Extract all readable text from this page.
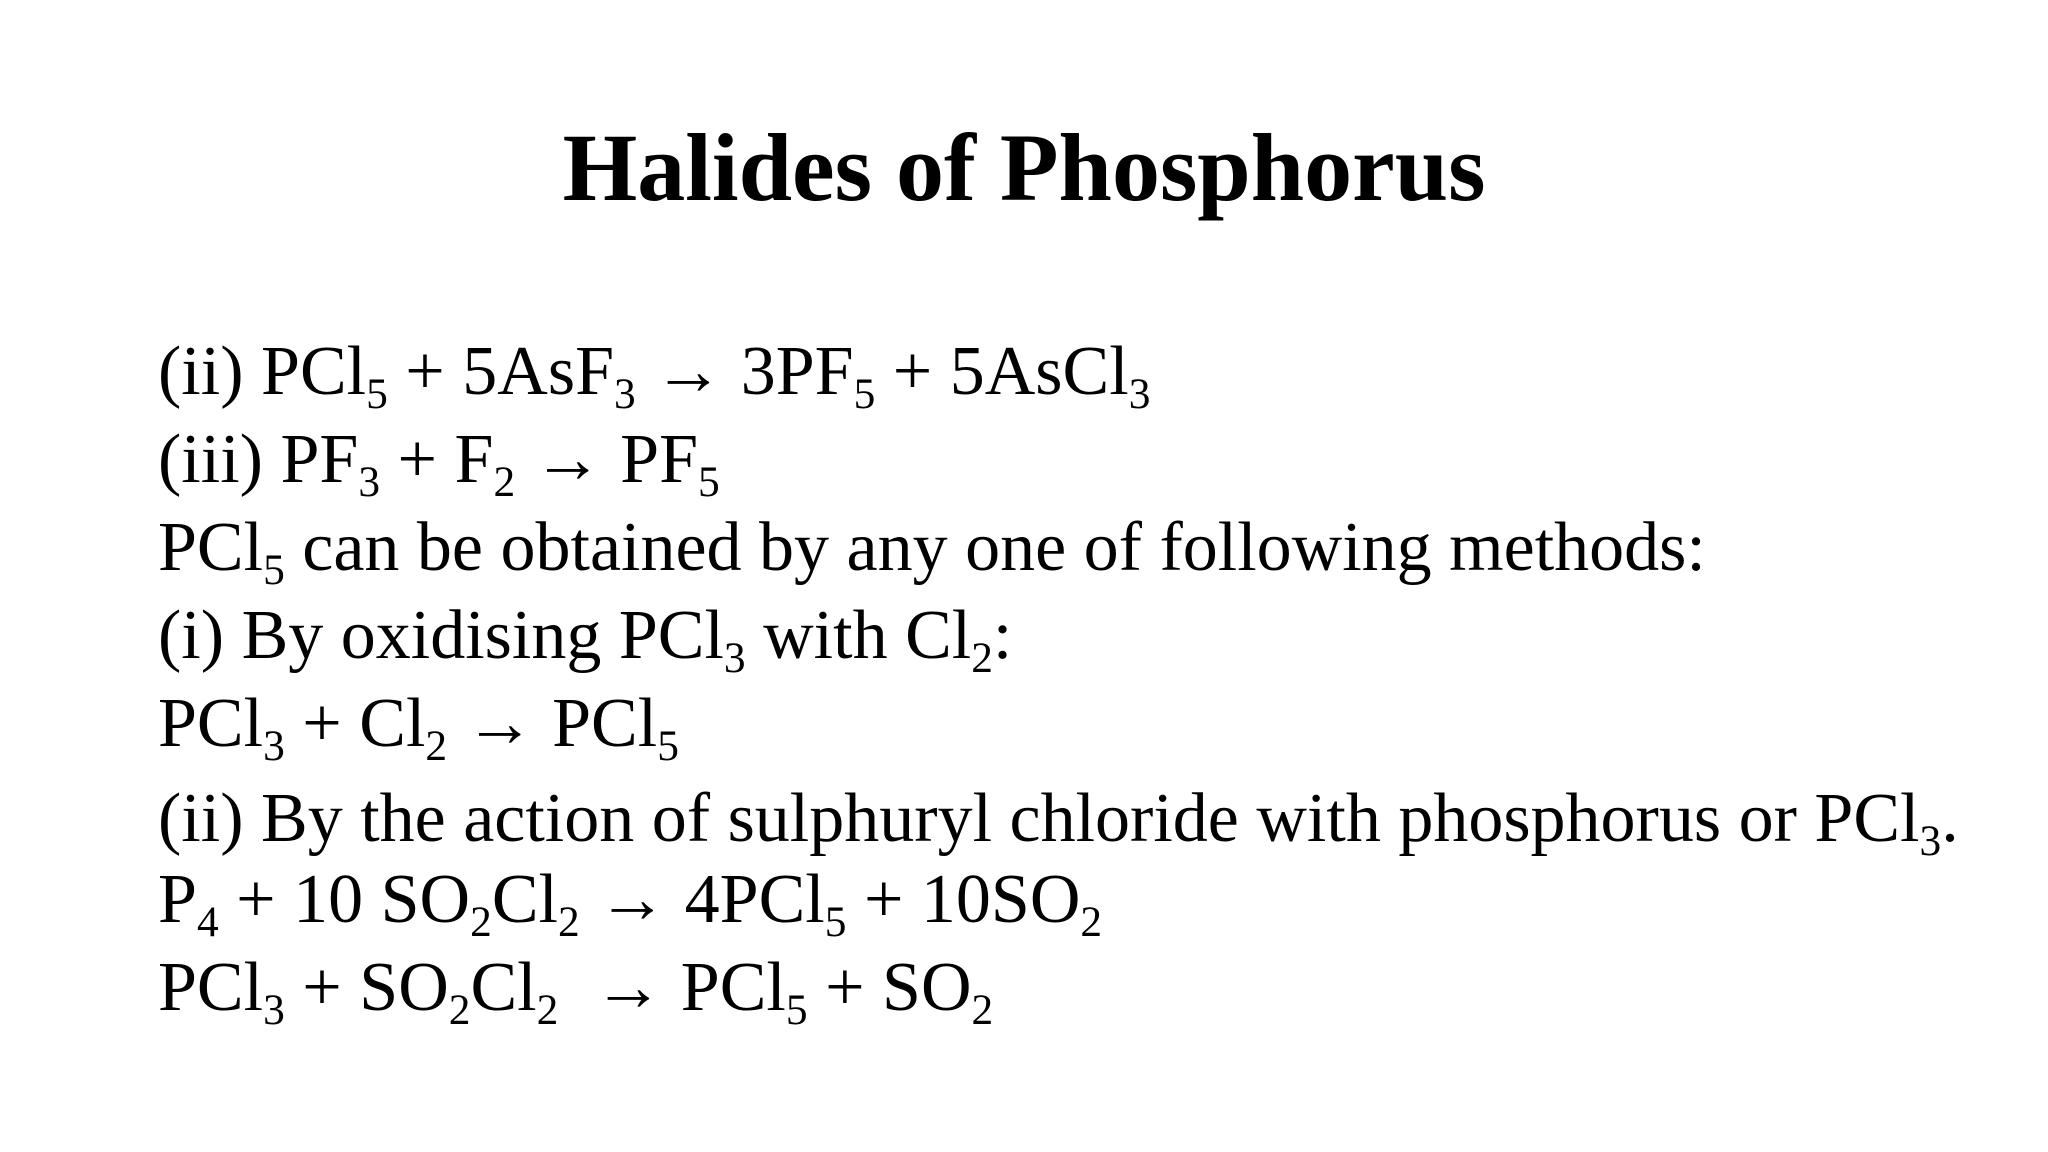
Halides of Phosphorus
(ii) $PCl_5 + 5AsF_3 \to 3PF_5$ + 5AsCl$_3$
(iii) $PF_3 + F_2 \to PF_5$
PCl$_5$ can be obtained by any one of following methods:
(i) By oxidising PCl$_3$ with $Cl_2$:
$PCl_3 + Cl_2 \to PCl_5$
(ii) By the action of sulphuryl chloride with phosphorus or PCl$_3$.
$P_4 + 10$ $SO_2Cl_2 \to 4PCl_5 + 10SO_2$
$PCl_3 + SO_2Cl_2 \to PCl_5 + SO_2$
